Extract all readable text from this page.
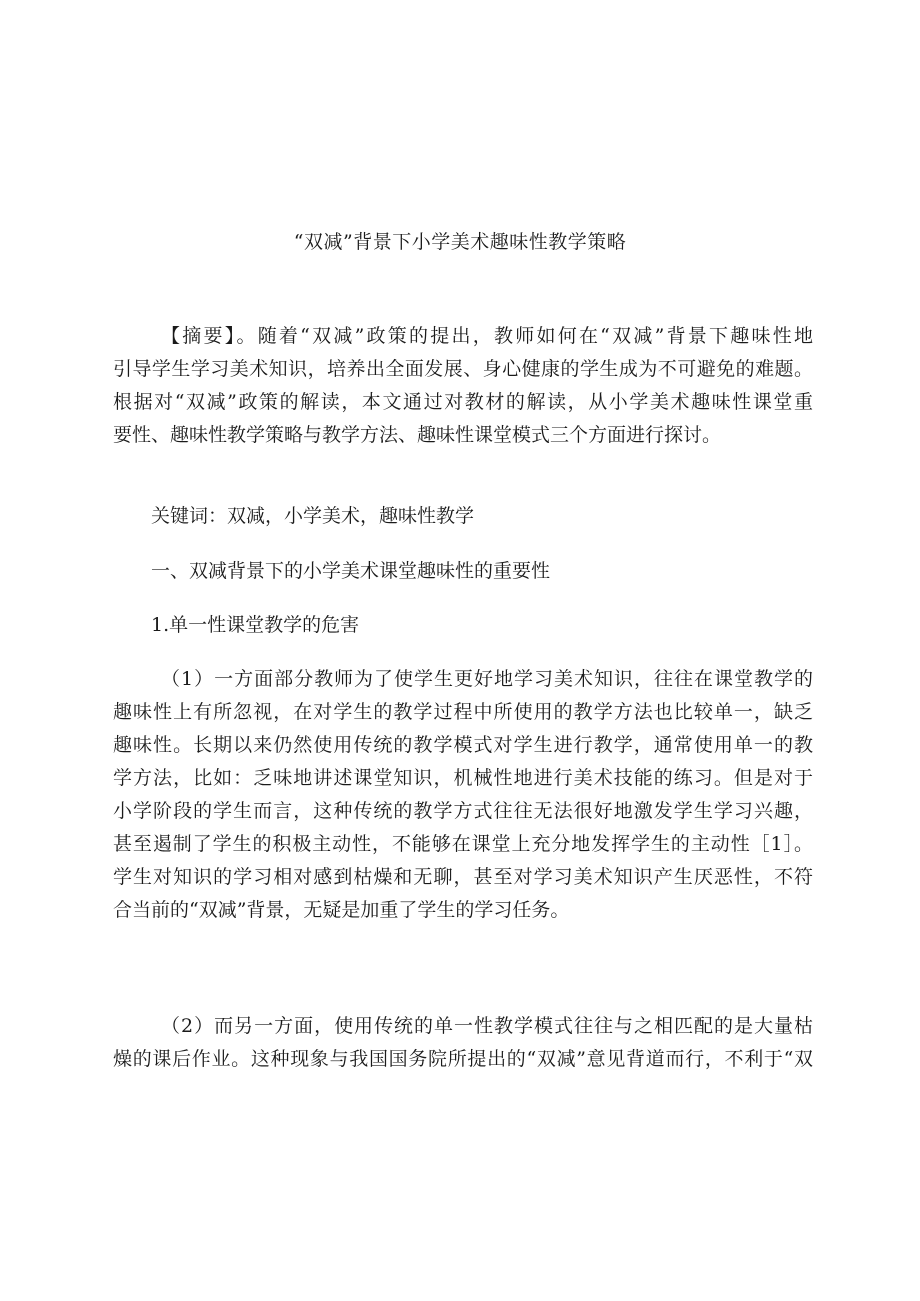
“双减”背景下小学美术趣味性教学策略
【摘要】。随着“双减”政策的提出，教师如何在“双减”背景下趣味性地
引导学生学习美术知识，培养出全面发展、身心健康的学生成为不可避免的难题。
根据对“双减”政策的解读，本文通过对教材的解读，从小学美术趣味性课堂重
要性、趣味性教学策略与教学方法、趣味性课堂模式三个方面进行探讨。
关键词：双减，小学美术，趣味性教学
一、双减背景下的小学美术课堂趣味性的重要性
1.单一性课堂教学的危害
（1）一方面部分教师为了使学生更好地学习美术知识，往往在课堂教学的
趣味性上有所忽视，在对学生的教学过程中所使用的教学方法也比较单一，缺乏
趣味性。长期以来仍然使用传统的教学模式对学生进行教学，通常使用单一的教
学方法，比如：乏味地讲述课堂知识，机械性地进行美术技能的练习。但是对于
小学阶段的学生而言，这种传统的教学方式往往无法很好地激发学生学习兴趣，
甚至遏制了学生的积极主动性，不能够在课堂上充分地发挥学生的主动性［1］。
学生对知识的学习相对感到枯燥和无聊，甚至对学习美术知识产生厌恶性，不符
合当前的“双减”背景，无疑是加重了学生的学习任务。
（2）而另一方面，使用传统的单一性教学模式往往与之相匹配的是大量枯
燥的课后作业。这种现象与我国国务院所提出的“双减”意见背道而行，不利于“双
